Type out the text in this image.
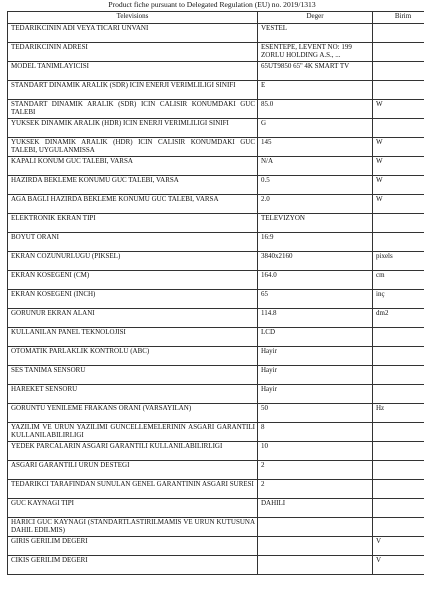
Product fiche pursuant to Delegated Regulation (EU) no. 2019/1313
Televisions	Deger	Birim
TEDARIKCININ ADI VEYA TICARI UNVANI	VESTEL	
TEDARIKCININ ADRESI	ESENTEPE, LEVENT NO: 199 ZORLU HOLDING A.S., ...	
MODEL TANIMLAYICISI	65UT9850 65'' 4K SMART TV	
STANDART DINAMIK ARALIK (SDR) ICIN ENERJI VERIMLILIGI SINIFI	E	
STANDART DINAMIK ARALIK (SDR) ICIN CALISIR KONUMDAKI GUC TALEBI	85.0	W
YUKSEK DINAMIK ARALIK (HDR) ICIN ENERJI VERIMLILIGI SINIFI	G	
YUKSEK DINAMIK ARALIK (HDR) ICIN CALISIR KONUMDAKI GUC TALEBI, UYGULANMISSA	145	W
KAPALI KONUM GUC TALEBI, VARSA	N/A	W
HAZIRDA BEKLEME KONUMU GUC TALEBI, VARSA	0.5	W
AGA BAGLI HAZIRDA BEKLEME KONUMU GUC TALEBI, VARSA	2.0	W
ELEKTRONIK EKRAN TIPI	TELEVIZYON	
BOYUT ORANI	16:9	
EKRAN COZUNURLUGU (PIKSEL)	3840x2160	pixels
EKRAN KOSEGENI (CM)	164.0	cm
EKRAN KOSEGENI (INCH)	65	inç
GORUNUR EKRAN ALANI	114.8	dm2
KULLANILAN PANEL TEKNOLOJISI	LCD	
OTOMATIK PARLAKLIK KONTROLU (ABC)	Hayir	
SES TANIMA SENSORU	Hayir	
HAREKET SENSORU	Hayir	
GORUNTU YENILEME FRAKANS ORANI (VARSAYILAN)	50	Hz
YAZILIM VE URUN YAZILIMI GUNCELLEMELERININ ASGARI GARANTILI KULLANILABILIRLIGI	8	
YEDEK PARCALARIN ASGARI GARANTILI KULLANILABILIRLIGI	10	
ASGARI GARANTILI URUN DESTEGI	2	
TEDARIKCI TARAFINDAN SUNULAN GENEL GARANTININ ASGARI SURESI	2	
GUC KAYNAGI TIPI	DAHILI	
HARICI GUC KAYNAGI (STANDARTLASTIRILMAMIS VE URUN KUTUSUNA DAHIL EDILMIS)		
GIRIS GERILIM DEGERI		V
CIKIS GERILIM DEGERI		V
